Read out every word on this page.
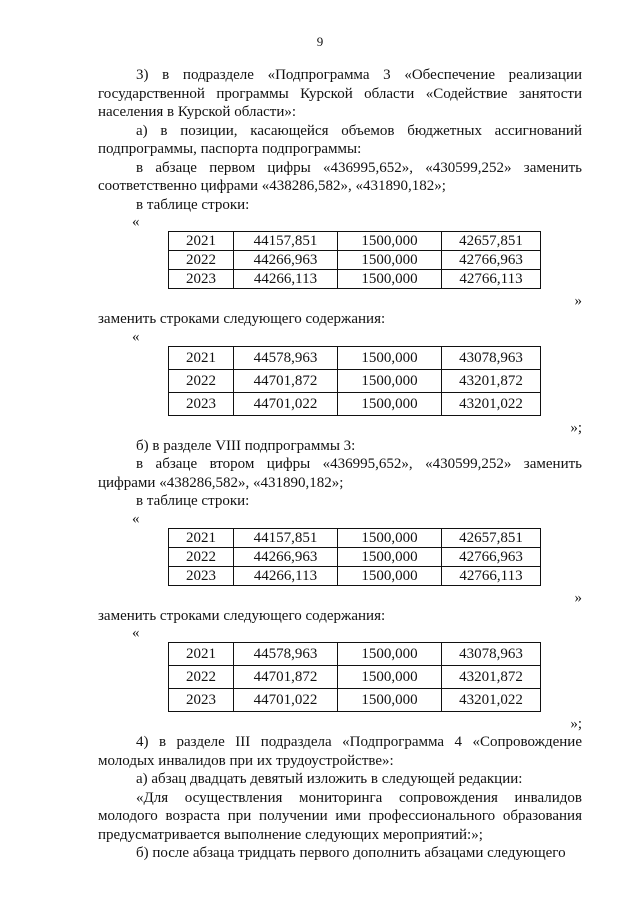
9

3) в подразделе «Подпрограмма 3 «Обеспечение реализации государственной программы Курской области «Содействие занятости населения в Курской области»:

а) в позиции, касающейся объемов бюджетных ассигнований подпрограммы, паспорта подпрограммы:

в абзаце первом цифры «436995,652», «430599,252» заменить соответственно цифрами «438286,582», «431890,182»;

в таблице строки:

«
2021	44157,851	1500,000	42657,851
2022	44266,963	1500,000	42766,963
2023	44266,113	1500,000	42766,113
»

заменить строками следующего содержания:

«
2021	44578,963	1500,000	43078,963
2022	44701,872	1500,000	43201,872
2023	44701,022	1500,000	43201,022
»;

б) в разделе VIII подпрограммы 3:

в абзаце втором цифры «436995,652», «430599,252» заменить цифрами «438286,582», «431890,182»;

в таблице строки:

«
2021	44157,851	1500,000	42657,851
2022	44266,963	1500,000	42766,963
2023	44266,113	1500,000	42766,113
»

заменить строками следующего содержания:

«
2021	44578,963	1500,000	43078,963
2022	44701,872	1500,000	43201,872
2023	44701,022	1500,000	43201,022
»;

4) в разделе III подраздела «Подпрограмма 4 «Сопровождение молодых инвалидов при их трудоустройстве»:

а) абзац двадцать девятый изложить в следующей редакции:

«Для осуществления мониторинга сопровождения инвалидов молодого возраста при получении ими профессионального образования предусматривается выполнение следующих мероприятий:»;

б) после абзаца тридцать первого дополнить абзацами следующего
